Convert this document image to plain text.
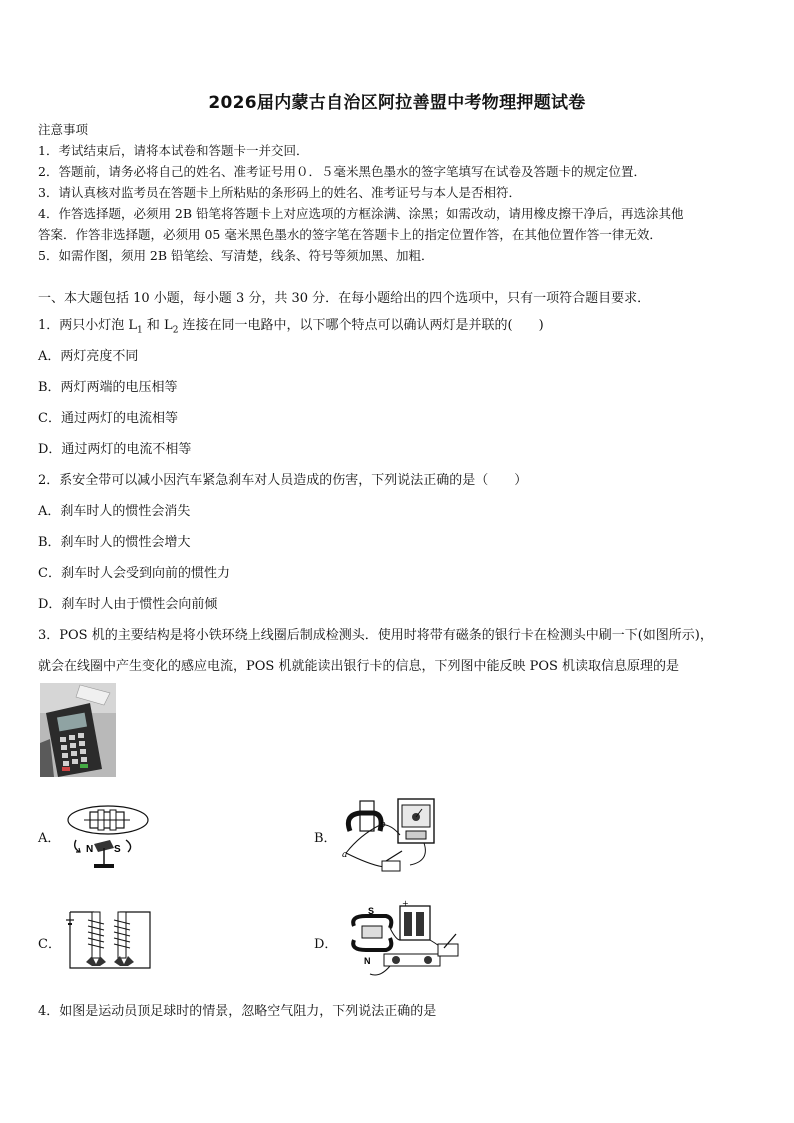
2026届内蒙古自治区阿拉善盟中考物理押题试卷
注意事项
1．考试结束后，请将本试卷和答题卡一并交回．
2．答题前，请务必将自己的姓名、准考证号用０．５毫米黑色墨水的签字笔填写在试卷及答题卡的规定位置．
3．请认真核对监考员在答题卡上所粘贴的条形码上的姓名、准考证号与本人是否相符．
4．作答选择题，必须用 2B 铅笔将答题卡上对应选项的方框涂满、涂黑；如需改动，请用橡皮擦干净后，再选涂其他
答案．作答非选择题，必须用 05 毫米黑色墨水的签字笔在答题卡上的指定位置作答，在其他位置作答一律无效．
5．如需作图，须用 2B 铅笔绘、写清楚，线条、符号等须加黑、加粗．
一、本大题包括 10 小题，每小题 3 分，共 30 分．在每小题给出的四个选项中，只有一项符合题目要求．
1．两只小灯泡 $L_1$ 和 $L_2$ 连接在同一电路中，以下哪个特点可以确认两灯是并联的(　　)
A．两灯亮度不同
B．两灯两端的电压相等
C．通过两灯的电流相等
D．通过两灯的电流不相等
2．系安全带可以减小因汽车紧急刹车对人员造成的伤害，下列说法正确的是（　　）
A．刹车时人的惯性会消失
B．刹车时人的惯性会增大
C．刹车时人会受到向前的惯性力
D．刹车时人由于惯性会向前倾
3．POS 机的主要结构是将小铁环绕上线圈后制成检测头．使用时将带有磁条的银行卡在检测头中刷一下(如图所示)，
就会在线圈中产生变化的感应电流，POS 机就能读出银行卡的信息，下列图中能反映 POS 机读取信息原理的是
A．
N S
B．
b
a
C．	D．
S
N
+
4．如图是运动员顶足球时的情景，忽略空气阻力，下列说法正确的是
